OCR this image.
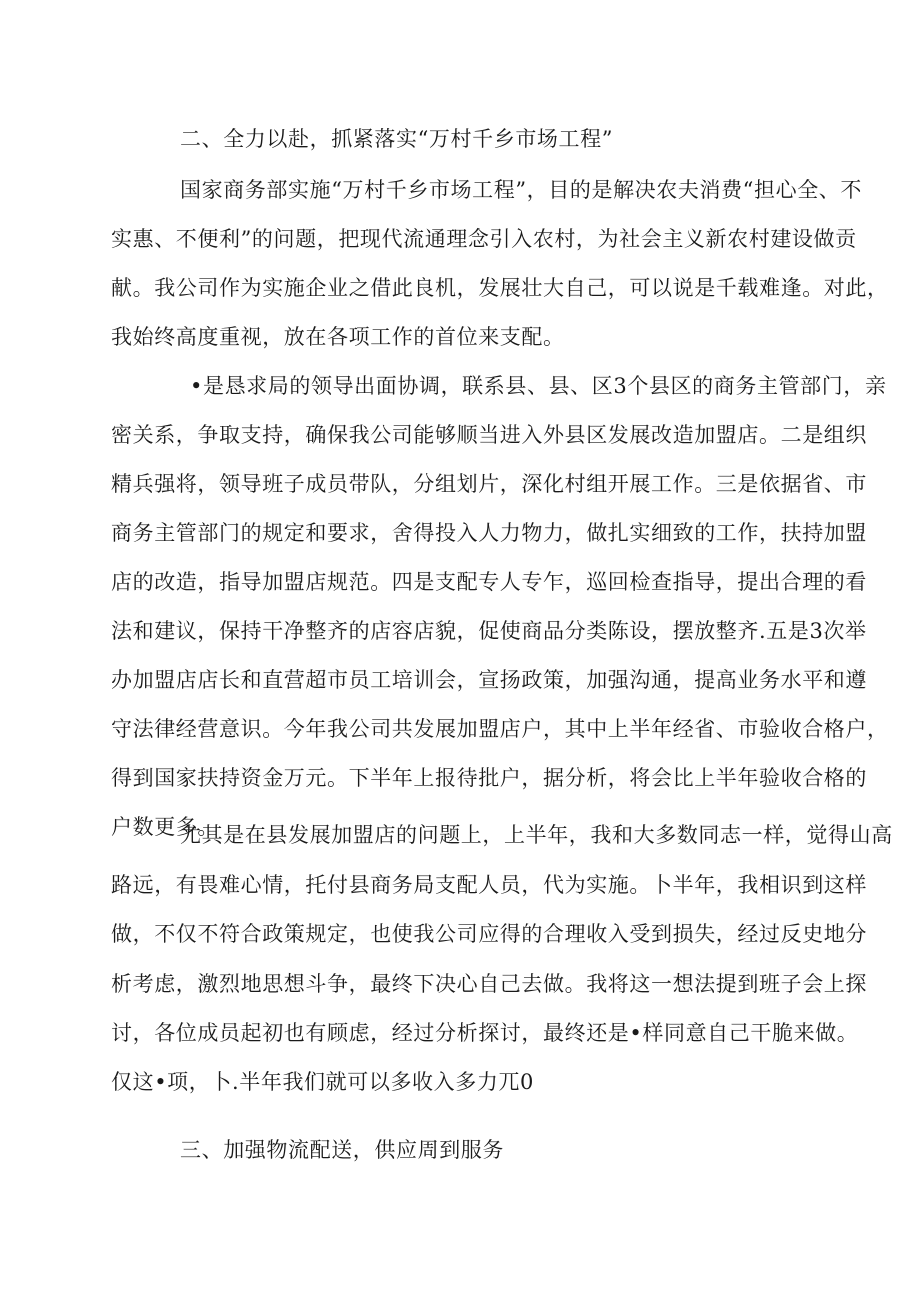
二、全力以赴，抓紧落实“万村千乡市场工程”
国家商务部实施“万村千乡市场工程”，目的是解决农夫消费“担心全、不
实惠、不便利”的问题，把现代流通理念引入农村，为社会主义新农村建设做贡
献。我公司作为实施企业之借此良机，发展壮大自己，可以说是千载难逢。对此，
我始终高度重视，放在各项工作的首位来支配。
•是恳求局的领导出面协调，联系县、县、区3个县区的商务主管部门，亲
密关系，争取支持，确保我公司能够顺当进入外县区发展改造加盟店。二是组织
精兵强将，领导班子成员带队，分组划片，深化村组开展工作。三是依据省、市
商务主管部门的规定和要求，舍得投入人力物力，做扎实细致的工作，扶持加盟
店的改造，指导加盟店规范。四是支配专人专乍，巡回检查指导，提出合理的看
法和建议，保持干净整齐的店容店貌，促使商品分类陈设，摆放整齐.五是3次举
办加盟店店长和直营超市员工培训会，宣扬政策，加强沟通，提高业务水平和遵
守法律经营意识。今年我公司共发展加盟店户，其中上半年经省、市验收合格户，
得到国家扶持资金万元。下半年上报待批户，据分析，将会比上半年验收合格的
户数更多。
尤其是在县发展加盟店的问题上，上半年，我和大多数同志一样，觉得山高
路远，有畏难心情，托付县商务局支配人员，代为实施。卜半年，我相识到这样
做，不仅不符合政策规定，也使我公司应得的合理收入受到损失，经过反史地分
析考虑，激烈地思想斗争，最终下决心自己去做。我将这一想法提到班子会上探
讨，各位成员起初也有顾虑，经过分析探讨，最终还是•样同意自己干脆来做。
仅这•项，卜.半年我们就可以多收入多力兀0
三、加强物流配送，供应周到服务
